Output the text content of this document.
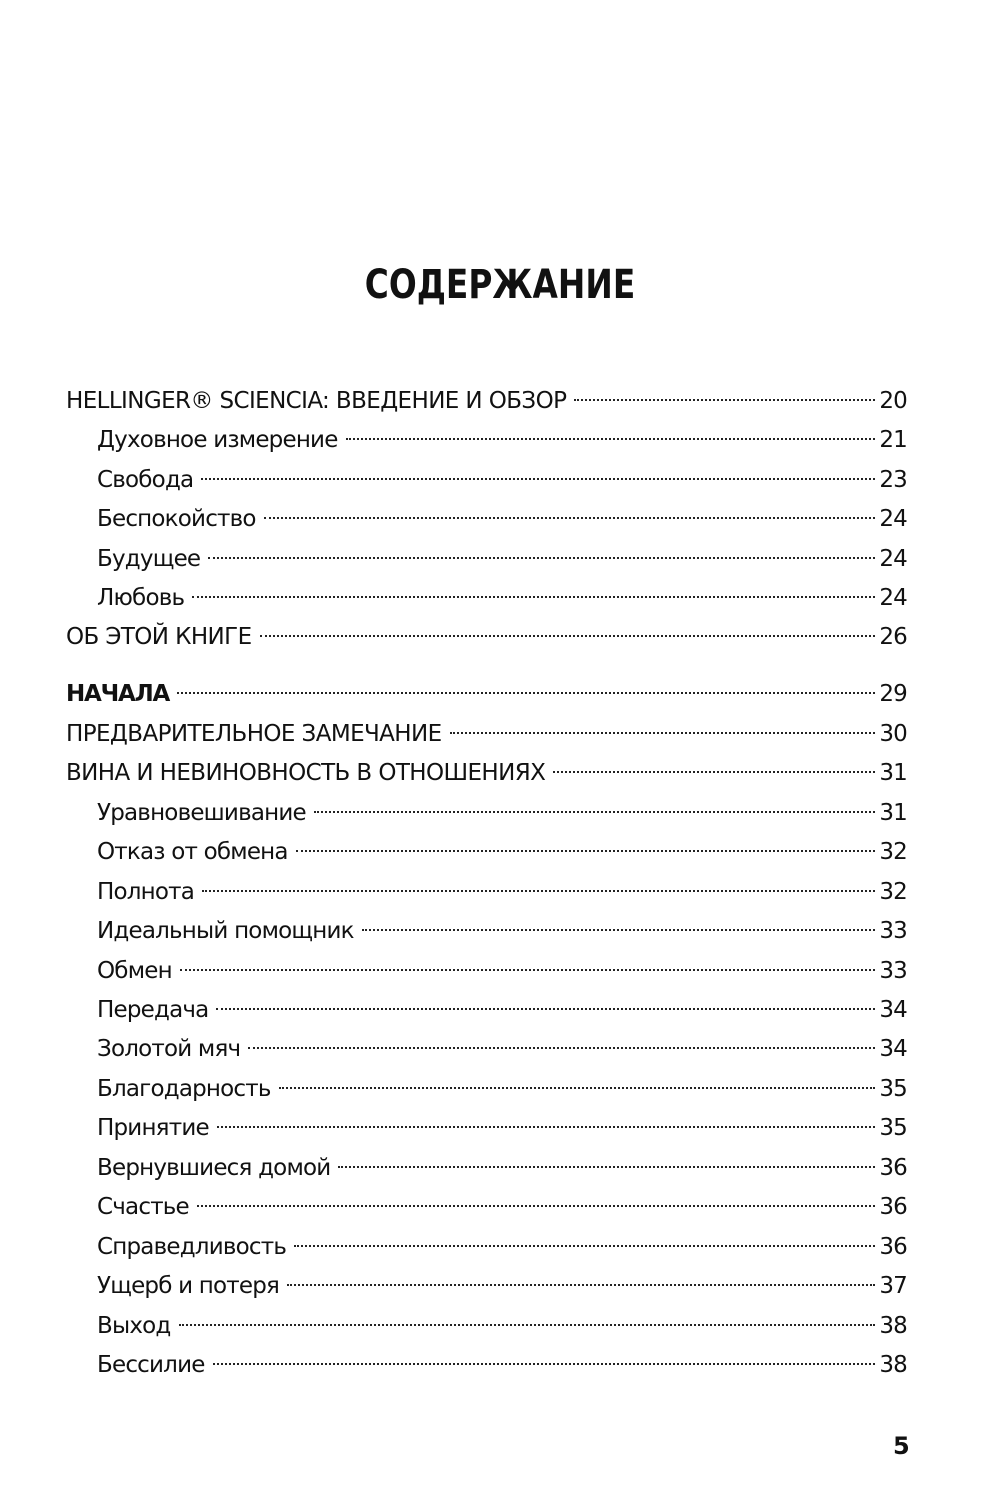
СОДЕРЖАНИЕ
HELLINGER® SCIENCIA: ВВЕДЕНИЕ И ОБЗОР	20
Духовное измерение	21
Свобода	23
Беспокойство	24
Будущее	24
Любовь	24
ОБ ЭТОЙ КНИГЕ	26
НАЧАЛА	29
ПРЕДВАРИТЕЛЬНОЕ ЗАМЕЧАНИЕ	30
ВИНА И НЕВИНОВНОСТЬ В ОТНОШЕНИЯХ	31
Уравновешивание	31
Отказ от обмена	32
Полнота	32
Идеальный помощник	33
Обмен	33
Передача	34
Золотой мяч	34
Благодарность	35
Принятие	35
Вернувшиеся домой	36
Счастье	36
Справедливость	36
Ущерб и потеря	37
Выход	38
Бессилие	38

5
